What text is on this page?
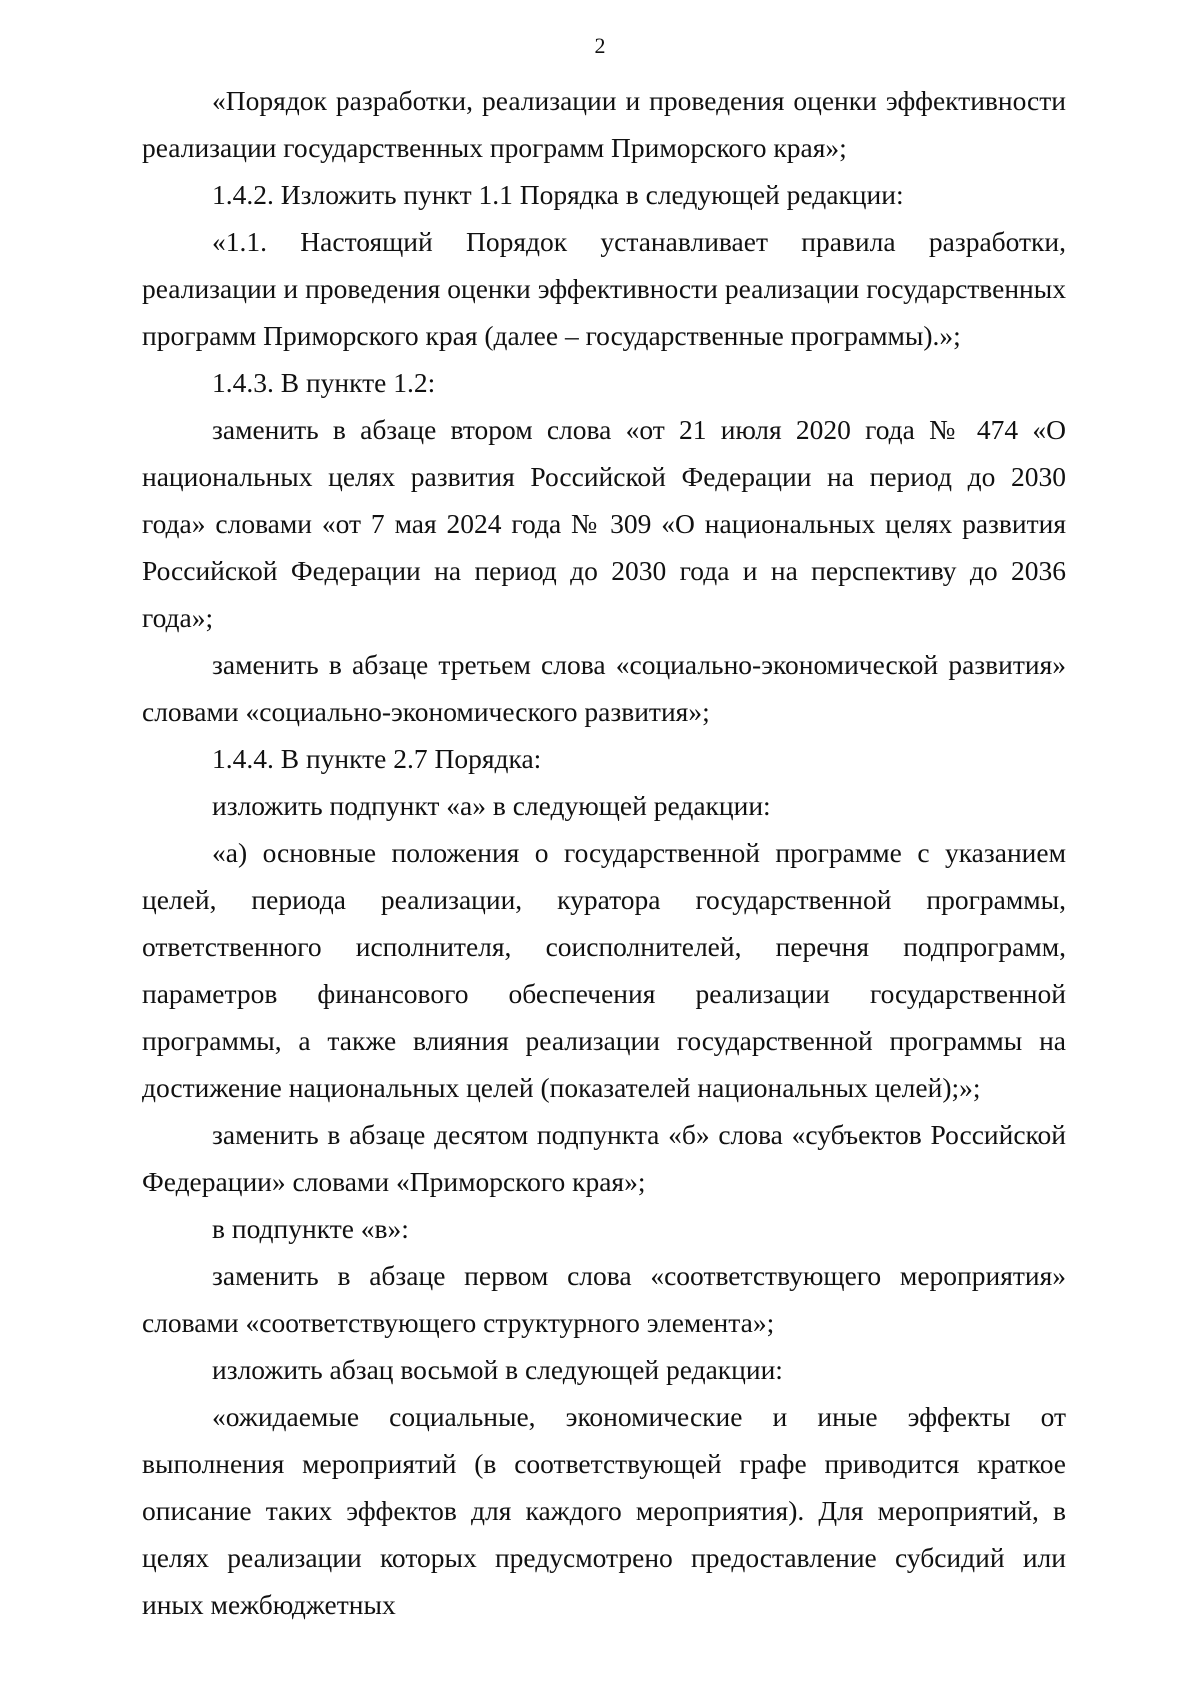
2

«Порядок разработки, реализации и проведения оценки эффективности реализации государственных программ Приморского края»;

1.4.2. Изложить пункт 1.1 Порядка в следующей редакции:

«1.1. Настоящий Порядок устанавливает правила разработки, реализации и проведения оценки эффективности реализации государственных программ Приморского края (далее – государственные программы).»;

1.4.3. В пункте 1.2:

заменить в абзаце втором слова «от 21 июля 2020 года № 474 «О национальных целях развития Российской Федерации на период до 2030 года» словами «от 7 мая 2024 года № 309 «О национальных целях развития Российской Федерации на период до 2030 года и на перспективу до 2036 года»;

заменить в абзаце третьем слова «социально-экономической развития» словами «социально-экономического развития»;

1.4.4. В пункте 2.7 Порядка:

изложить подпункт «а» в следующей редакции:

«а) основные положения о государственной программе с указанием целей, периода реализации, куратора государственной программы, ответственного исполнителя, соисполнителей, перечня подпрограмм, параметров финансового обеспечения реализации государственной программы, а также влияния реализации государственной программы на достижение национальных целей (показателей национальных целей);»;

заменить в абзаце десятом подпункта «б» слова «субъектов Российской Федерации» словами «Приморского края»;

в подпункте «в»:

заменить в абзаце первом слова «соответствующего мероприятия» словами «соответствующего структурного элемента»;

изложить абзац восьмой в следующей редакции:

«ожидаемые социальные, экономические и иные эффекты от выполнения мероприятий (в соответствующей графе приводится краткое описание таких эффектов для каждого мероприятия). Для мероприятий, в целях реализации которых предусмотрено предоставление субсидий или иных межбюджетных
